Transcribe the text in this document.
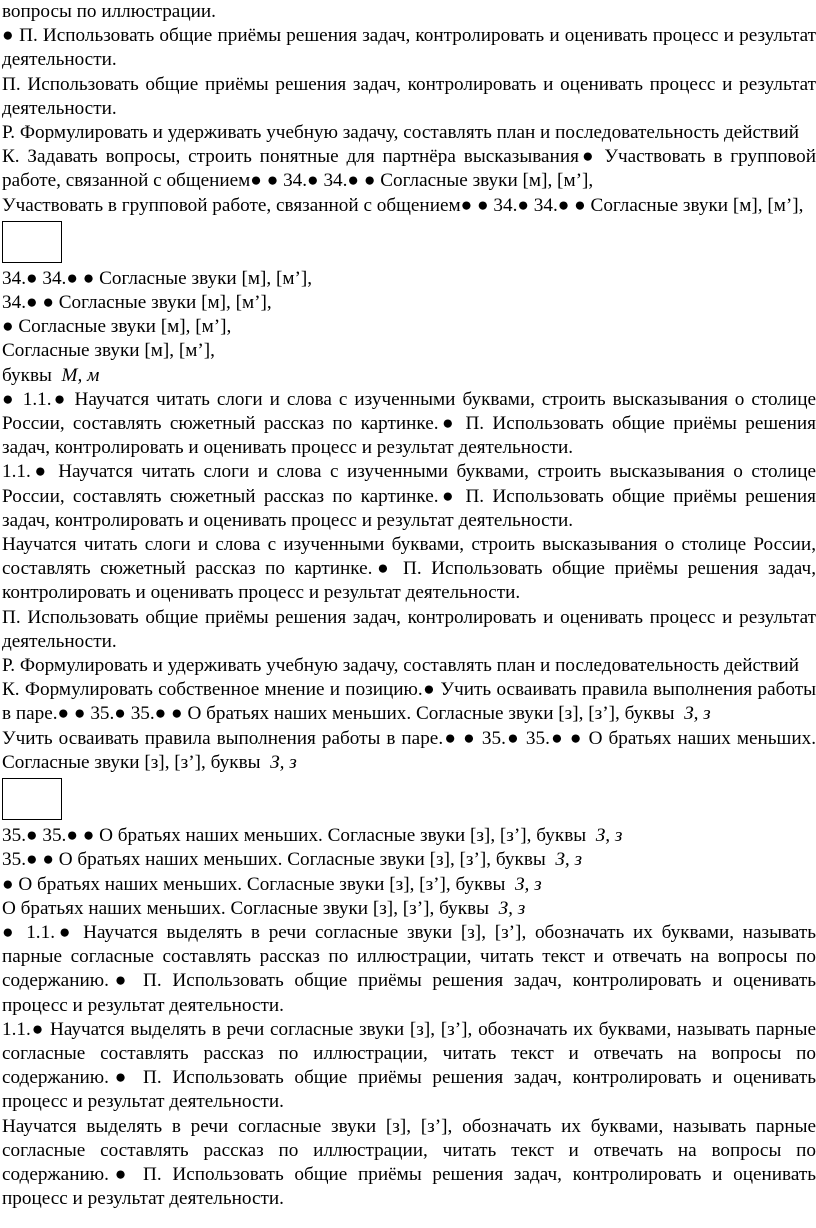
вопросы по иллюстрации.

● П. Использовать общие приёмы решения задач, контролировать и оценивать процесс и результат деятельности.

П. Использовать общие приёмы решения задач, контролировать и оценивать процесс и результат деятельности.

Р. Формулировать и удерживать учебную задачу, составлять план и последовательность действий

К. Задавать вопросы, строить понятные для партнёра высказывания● Участвовать в групповой работе, связанной с общением● ● 34.● 34.● ● Согласные звуки [м], [м’],

Участвовать в групповой работе, связанной с общением● ● 34.● 34.● ● Согласные звуки [м], [м’],

34.● 34.● ● Согласные звуки [м], [м’],

34.● ● Согласные звуки [м], [м’],

● Согласные звуки [м], [м’],

Согласные звуки [м], [м’],

буквы М, м

● 1.1.● Научатся читать слоги и слова с изученными буквами, строить высказывания о столице России, составлять сюжетный рассказ по картинке.● П. Использовать общие приёмы решения задач, контролировать и оценивать процесс и результат деятельности.

1.1.● Научатся читать слоги и слова с изученными буквами, строить высказывания о столице России, составлять сюжетный рассказ по картинке.● П. Использовать общие приёмы решения задач, контролировать и оценивать процесс и результат деятельности.

Научатся читать слоги и слова с изученными буквами, строить высказывания о столице России, составлять сюжетный рассказ по картинке.● П. Использовать общие приёмы решения задач, контролировать и оценивать процесс и результат деятельности.

П. Использовать общие приёмы решения задач, контролировать и оценивать процесс и результат деятельности.

Р. Формулировать и удерживать учебную задачу, составлять план и последовательность действий

К. Формулировать собственное мнение и позицию.● Учить осваивать правила выполнения работы в паре.● ● 35.● 35.● ● О братьях наших меньших. Согласные звуки [з], [з’], буквы З, з

Учить осваивать правила выполнения работы в паре.● ● 35.● 35.● ● О братьях наших меньших. Согласные звуки [з], [з’], буквы З, з

35.● 35.● ● О братьях наших меньших. Согласные звуки [з], [з’], буквы З, з

35.● ● О братьях наших меньших. Согласные звуки [з], [з’], буквы З, з

● О братьях наших меньших. Согласные звуки [з], [з’], буквы З, з

О братьях наших меньших. Согласные звуки [з], [з’], буквы З, з

● 1.1.● Научатся выделять в речи согласные звуки [з], [з’], обозначать их буквами, называть парные согласные составлять рассказ по иллюстрации, читать текст и отвечать на вопросы по содержанию.● П. Использовать общие приёмы решения задач, контролировать и оценивать процесс и результат деятельности.

1.1.● Научатся выделять в речи согласные звуки [з], [з’], обозначать их буквами, называть парные согласные составлять рассказ по иллюстрации, читать текст и отвечать на вопросы по содержанию.● П. Использовать общие приёмы решения задач, контролировать и оценивать процесс и результат деятельности.

Научатся выделять в речи согласные звуки [з], [з’], обозначать их буквами, называть парные согласные составлять рассказ по иллюстрации, читать текст и отвечать на вопросы по содержанию.● П. Использовать общие приёмы решения задач, контролировать и оценивать процесс и результат деятельности.
